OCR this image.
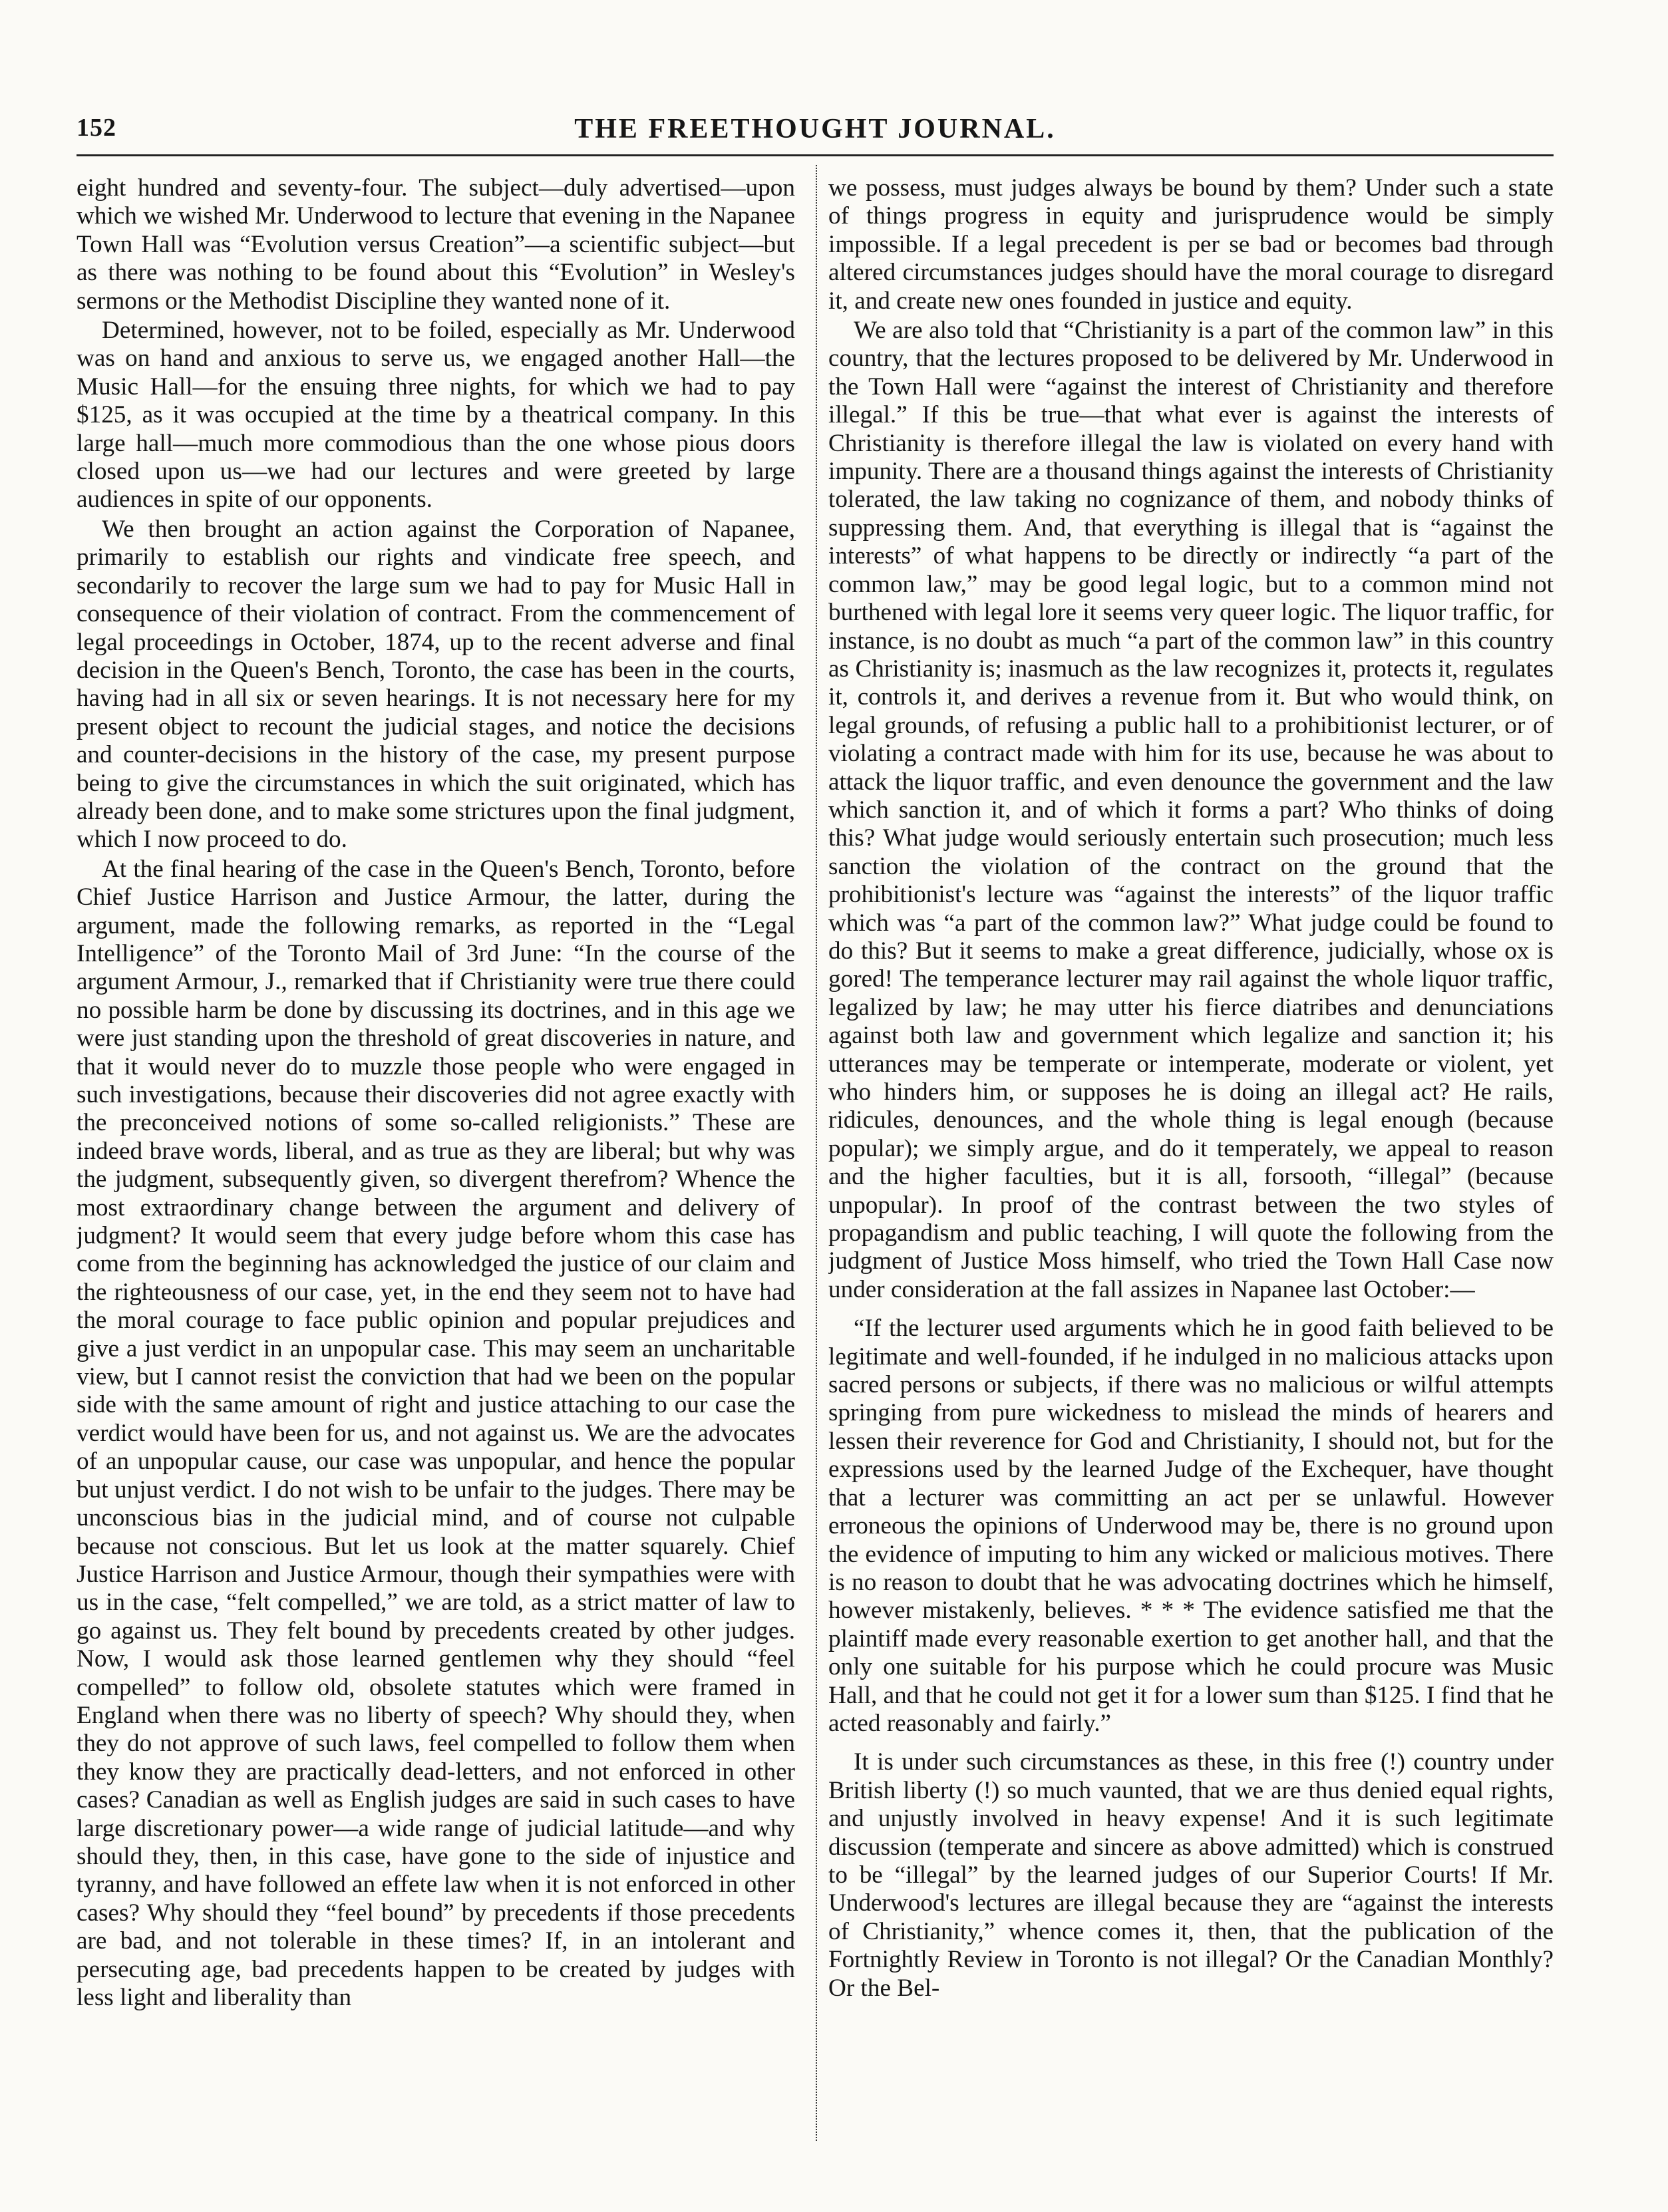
152	THE FREETHOUGHT JOURNAL.

eight hundred and seventy-four. The subject—duly advertised—upon which we wished Mr. Underwood to lecture that evening in the Napanee Town Hall was “Evolution versus Creation”—a scientific subject—but as there was nothing to be found about this “Evolution” in Wesley's sermons or the Methodist Discipline they wanted none of it.

Determined, however, not to be foiled, especially as Mr. Underwood was on hand and anxious to serve us, we engaged another Hall—the Music Hall—for the ensuing three nights, for which we had to pay $125, as it was occupied at the time by a theatrical company. In this large hall—much more commodious than the one whose pious doors closed upon us—we had our lectures and were greeted by large audiences in spite of our opponents.

We then brought an action against the Corporation of Napanee, primarily to establish our rights and vindicate free speech, and secondarily to recover the large sum we had to pay for Music Hall in consequence of their violation of contract. From the commencement of legal proceedings in October, 1874, up to the recent adverse and final decision in the Queen's Bench, Toronto, the case has been in the courts, having had in all six or seven hearings. It is not necessary here for my present object to recount the judicial stages, and notice the decisions and counter-decisions in the history of the case, my present purpose being to give the circumstances in which the suit originated, which has already been done, and to make some strictures upon the final judgment, which I now proceed to do.

At the final hearing of the case in the Queen's Bench, Toronto, before Chief Justice Harrison and Justice Armour, the latter, during the argument, made the following remarks, as reported in the “Legal Intelligence” of the Toronto Mail of 3rd June: “In the course of the argument Armour, J., remarked that if Christianity were true there could no possible harm be done by discussing its doctrines, and in this age we were just standing upon the threshold of great discoveries in nature, and that it would never do to muzzle those people who were engaged in such investigations, because their discoveries did not agree exactly with the preconceived notions of some so-called religionists.” These are indeed brave words, liberal, and as true as they are liberal; but why was the judgment, subsequently given, so divergent therefrom? Whence the most extraordinary change between the argument and delivery of judgment? It would seem that every judge before whom this case has come from the beginning has acknowledged the justice of our claim and the righteousness of our case, yet, in the end they seem not to have had the moral courage to face public opinion and popular prejudices and give a just verdict in an unpopular case. This may seem an uncharitable view, but I cannot resist the conviction that had we been on the popular side with the same amount of right and justice attaching to our case the verdict would have been for us, and not against us. We are the advocates of an unpopular cause, our case was unpopular, and hence the popular but unjust verdict. I do not wish to be unfair to the judges. There may be unconscious bias in the judicial mind, and of course not culpable because not conscious. But let us look at the matter squarely. Chief Justice Harrison and Justice Armour, though their sympathies were with us in the case, “felt compelled,” we are told, as a strict matter of law to go against us. They felt bound by precedents created by other judges. Now, I would ask those learned gentlemen why they should “feel compelled” to follow old, obsolete statutes which were framed in England when there was no liberty of speech? Why should they, when they do not approve of such laws, feel compelled to follow them when they know they are practically dead-letters, and not enforced in other cases? Canadian as well as English judges are said in such cases to have large discretionary power—a wide range of judicial latitude—and why should they, then, in this case, have gone to the side of injustice and tyranny, and have followed an effete law when it is not enforced in other cases? Why should they “feel bound” by precedents if those precedents are bad, and not tolerable in these times? If, in an intolerant and persecuting age, bad precedents happen to be created by judges with less light and liberality than

we possess, must judges always be bound by them? Under such a state of things progress in equity and jurisprudence would be simply impossible. If a legal precedent is per se bad or becomes bad through altered circumstances judges should have the moral courage to disregard it, and create new ones founded in justice and equity.

We are also told that “Christianity is a part of the common law” in this country, that the lectures proposed to be delivered by Mr. Underwood in the Town Hall were “against the interest of Christianity and therefore illegal.” If this be true—that what ever is against the interests of Christianity is therefore illegal the law is violated on every hand with impunity. There are a thousand things against the interests of Christianity tolerated, the law taking no cognizance of them, and nobody thinks of suppressing them. And, that everything is illegal that is “against the interests” of what happens to be directly or indirectly “a part of the common law,” may be good legal logic, but to a common mind not burthened with legal lore it seems very queer logic. The liquor traffic, for instance, is no doubt as much “a part of the common law” in this country as Christianity is; inasmuch as the law recognizes it, protects it, regulates it, controls it, and derives a revenue from it. But who would think, on legal grounds, of refusing a public hall to a prohibitionist lecturer, or of violating a contract made with him for its use, because he was about to attack the liquor traffic, and even denounce the government and the law which sanction it, and of which it forms a part? Who thinks of doing this? What judge would seriously entertain such prosecution; much less sanction the violation of the contract on the ground that the prohibitionist's lecture was “against the interests” of the liquor traffic which was “a part of the common law?” What judge could be found to do this? But it seems to make a great difference, judicially, whose ox is gored! The temperance lecturer may rail against the whole liquor traffic, legalized by law; he may utter his fierce diatribes and denunciations against both law and government which legalize and sanction it; his utterances may be temperate or intemperate, moderate or violent, yet who hinders him, or supposes he is doing an illegal act? He rails, ridicules, denounces, and the whole thing is legal enough (because popular); we simply argue, and do it temperately, we appeal to reason and the higher faculties, but it is all, forsooth, “illegal” (because unpopular). In proof of the contrast between the two styles of propagandism and public teaching, I will quote the following from the judgment of Justice Moss himself, who tried the Town Hall Case now under consideration at the fall assizes in Napanee last October:—

“If the lecturer used arguments which he in good faith believed to be legitimate and well-founded, if he indulged in no malicious attacks upon sacred persons or subjects, if there was no malicious or wilful attempts springing from pure wickedness to mislead the minds of hearers and lessen their reverence for God and Christianity, I should not, but for the expressions used by the learned Judge of the Exchequer, have thought that a lecturer was committing an act per se unlawful. However erroneous the opinions of Underwood may be, there is no ground upon the evidence of imputing to him any wicked or malicious motives. There is no reason to doubt that he was advocating doctrines which he himself, however mistakenly, believes. * * * The evidence satisfied me that the plaintiff made every reasonable exertion to get another hall, and that the only one suitable for his purpose which he could procure was Music Hall, and that he could not get it for a lower sum than $125. I find that he acted reasonably and fairly.”

It is under such circumstances as these, in this free (!) country under British liberty (!) so much vaunted, that we are thus denied equal rights, and unjustly involved in heavy expense! And it is such legitimate discussion (temperate and sincere as above admitted) which is construed to be “illegal” by the learned judges of our Superior Courts! If Mr. Underwood's lectures are illegal because they are “against the interests of Christianity,” whence comes it, then, that the publication of the Fortnightly Review in Toronto is not illegal? Or the Canadian Monthly? Or the Bel-
